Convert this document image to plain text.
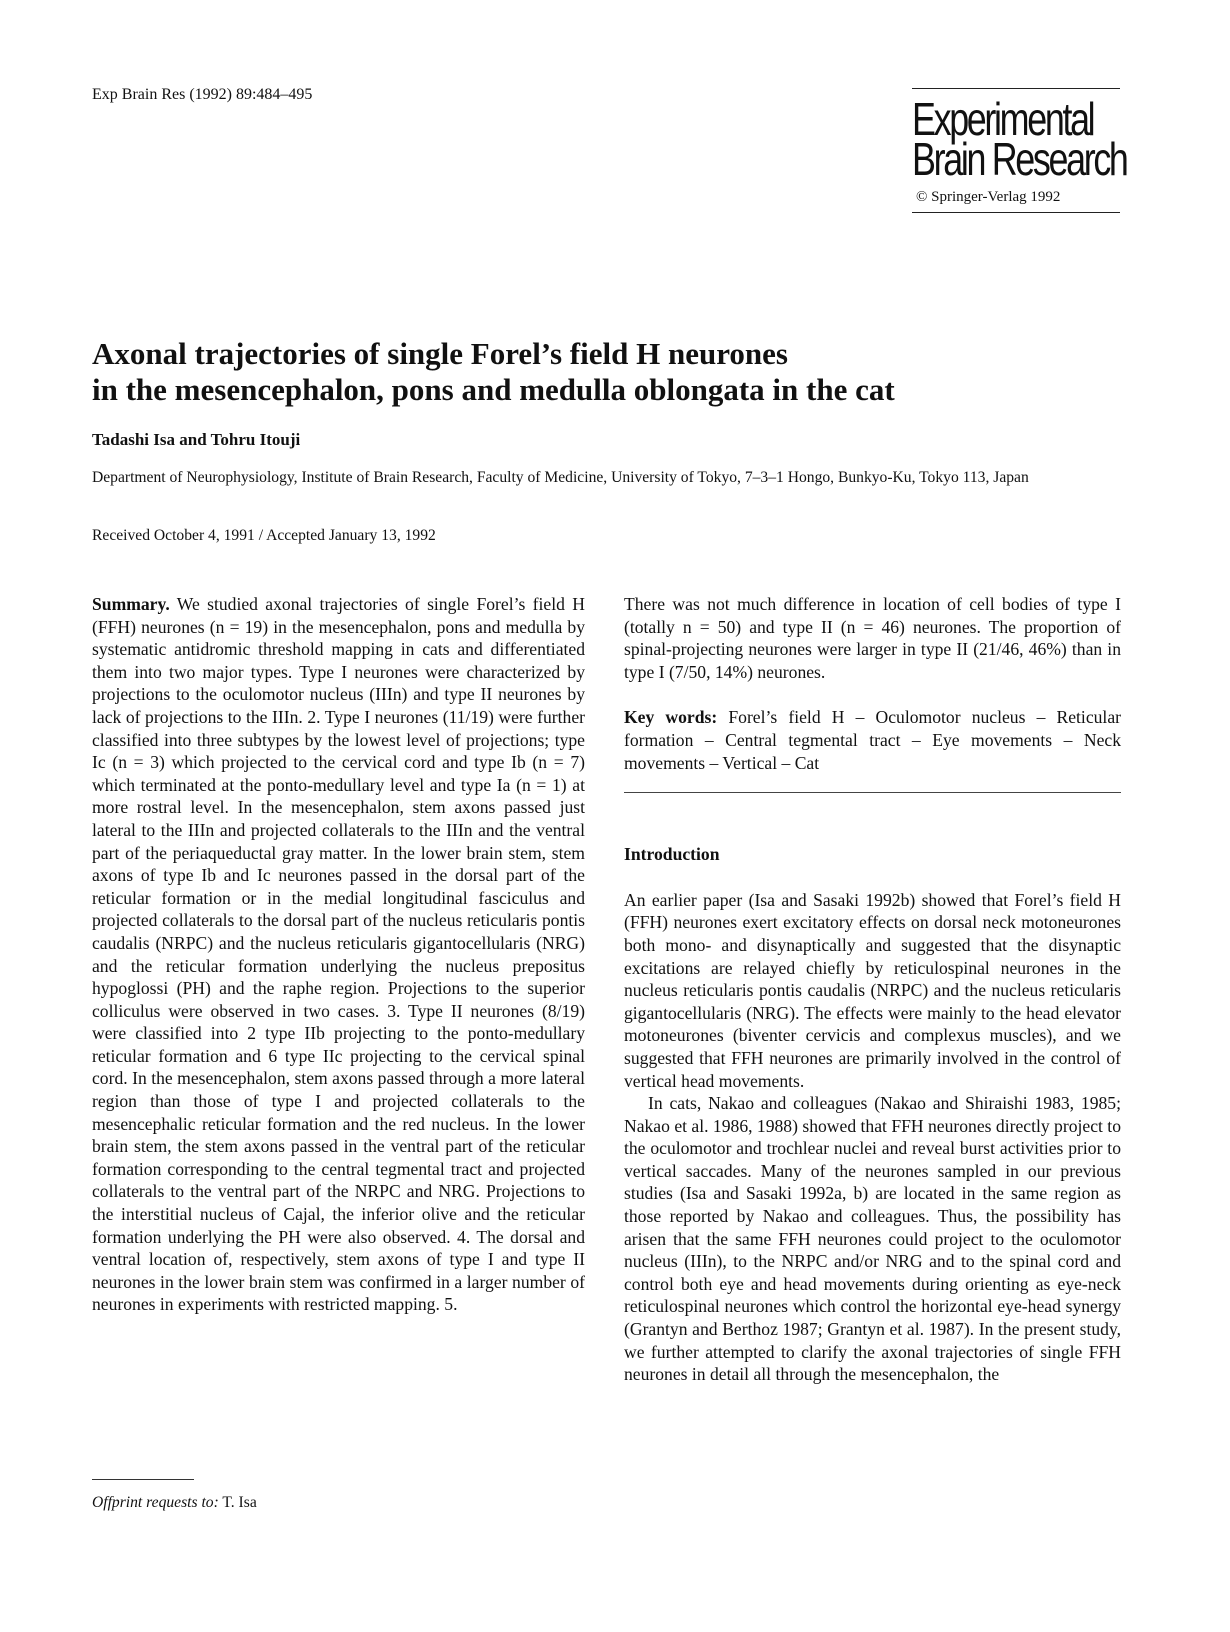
Exp Brain Res (1992) 89:484–495	Experimental
Brain Research
© Springer-Verlag 1992
Axonal trajectories of single Forel’s field H neurones
in the mesencephalon, pons and medulla oblongata in the cat
Tadashi Isa and Tohru Itouji
Department of Neurophysiology, Institute of Brain Research, Faculty of Medicine, University of Tokyo, 7–3–1 Hongo, Bunkyo-Ku, Tokyo 113, Japan
Received October 4, 1991 / Accepted January 13, 1992

Summary. We studied axonal trajectories of single Forel’s field H (FFH) neurones (n = 19) in the mesencephalon, pons and medulla by systematic antidromic threshold mapping in cats and differentiated them into two major types. Type I neurones were characterized by projections to the oculomotor nucleus (IIIn) and type II neurones by lack of projections to the IIIn. 2. Type I neurones (11/19) were further classified into three subtypes by the lowest level of projections; type Ic (n = 3) which projected to the cervical cord and type Ib (n = 7) which terminated at the ponto-medullary level and type Ia (n = 1) at more rostral level. In the mesencephalon, stem axons passed just lateral to the IIIn and projected collaterals to the IIIn and the ventral part of the periaqueductal gray matter. In the lower brain stem, stem axons of type Ib and Ic neurones passed in the dorsal part of the reticular formation or in the medial longitudinal fasciculus and projected collaterals to the dorsal part of the nucleus reticularis pontis caudalis (NRPC) and the nucleus reticularis gigantocellularis (NRG) and the reticular formation underlying the nucleus prepositus hypoglossi (PH) and the raphe region. Projections to the superior colliculus were observed in two cases. 3. Type II neurones (8/19) were classified into 2 type IIb projecting to the ponto-medullary reticular formation and 6 type IIc projecting to the cervical spinal cord. In the mesencephalon, stem axons passed through a more lateral region than those of type I and projected collaterals to the mesencephalic reticular formation and the red nucleus. In the lower brain stem, the stem axons passed in the ventral part of the reticular formation corresponding to the central tegmental tract and projected collaterals to the ventral part of the NRPC and NRG. Projections to the interstitial nucleus of Cajal, the inferior olive and the reticular formation underlying the PH were also observed. 4. The dorsal and ventral location of, respectively, stem axons of type I and type II neurones in the lower brain stem was confirmed in a larger number of neurones in experiments with restricted mapping. 5.

There was not much difference in location of cell bodies of type I (totally n = 50) and type II (n = 46) neurones. The proportion of spinal-projecting neurones were larger in type II (21/46, 46%) than in type I (7/50, 14%) neurones.

Key words: Forel’s field H – Oculomotor nucleus – Reticular formation – Central tegmental tract – Eye movements – Neck movements – Vertical – Cat

Introduction

An earlier paper (Isa and Sasaki 1992b) showed that Forel’s field H (FFH) neurones exert excitatory effects on dorsal neck motoneurones both mono- and disynaptically and suggested that the disynaptic excitations are relayed chiefly by reticulospinal neurones in the nucleus reticularis pontis caudalis (NRPC) and the nucleus reticularis gigantocellularis (NRG). The effects were mainly to the head elevator motoneurones (biventer cervicis and complexus muscles), and we suggested that FFH neurones are primarily involved in the control of vertical head movements.

In cats, Nakao and colleagues (Nakao and Shiraishi 1983, 1985; Nakao et al. 1986, 1988) showed that FFH neurones directly project to the oculomotor and trochlear nuclei and reveal burst activities prior to vertical saccades. Many of the neurones sampled in our previous studies (Isa and Sasaki 1992a, b) are located in the same region as those reported by Nakao and colleagues. Thus, the possibility has arisen that the same FFH neurones could project to the oculomotor nucleus (IIIn), to the NRPC and/or NRG and to the spinal cord and control both eye and head movements during orienting as eye-neck reticulospinal neurones which control the horizontal eye-head synergy (Grantyn and Berthoz 1987; Grantyn et al. 1987). In the present study, we further attempted to clarify the axonal trajectories of single FFH neurones in detail all through the mesencephalon, the

Offprint requests to: T. Isa
